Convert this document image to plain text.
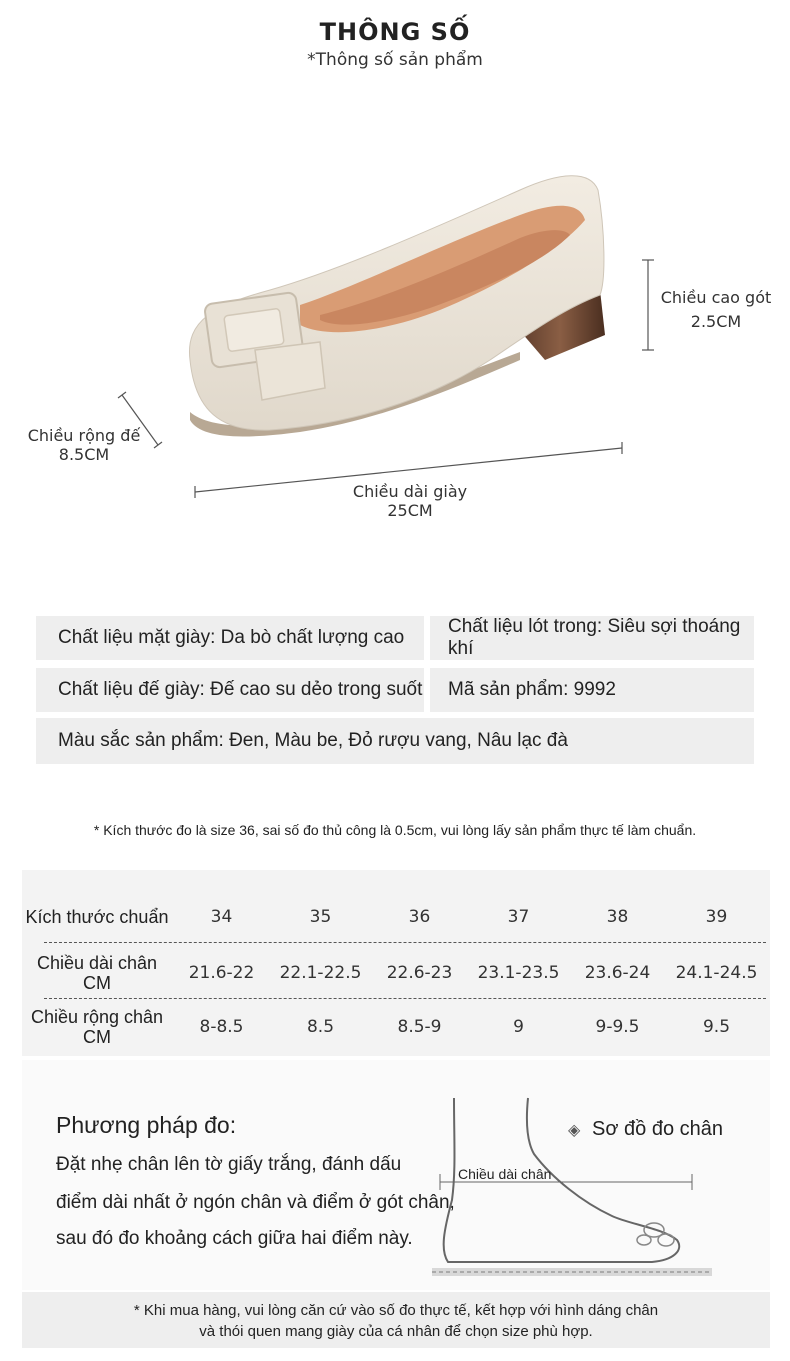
THÔNG SỐ
*Thông số sản phẩm
Chiều cao gót
2.5CM
Chiều rộng đế
8.5CM
Chiều dài giày
25CM
Chất liệu mặt giày: Da bò chất lượng cao
Chất liệu lót trong: Siêu sợi thoáng khí
Chất liệu đế giày: Đế cao su dẻo trong suốt	Mã sản phẩm: 9992
Màu sắc sản phẩm: Đen, Màu be, Đỏ rượu vang, Nâu lạc đà
* Kích thước đo là size 36, sai số đo thủ công là 0.5cm, vui lòng lấy sản phẩm thực tế làm chuẩn.
Kích thước chuẩn	34	35	36	37	38	39
Chiều dài chân CM	21.6-22	22.1-22.5	22.6-23	23.1-23.5	23.6-24	24.1-24.5
Chiều rộng chân CM	8-8.5	8.5	8.5-9	9	9-9.5	9.5
Phương pháp đo:
Đặt nhẹ chân lên tờ giấy trắng, đánh dấu
điểm dài nhất ở ngón chân và điểm ở gót chân,
sau đó đo khoảng cách giữa hai điểm này.
◈ Sơ đồ đo chân
Chiều dài chân
* Khi mua hàng, vui lòng căn cứ vào số đo thực tế, kết hợp với hình dáng chân
và thói quen mang giày của cá nhân để chọn size phù hợp.
